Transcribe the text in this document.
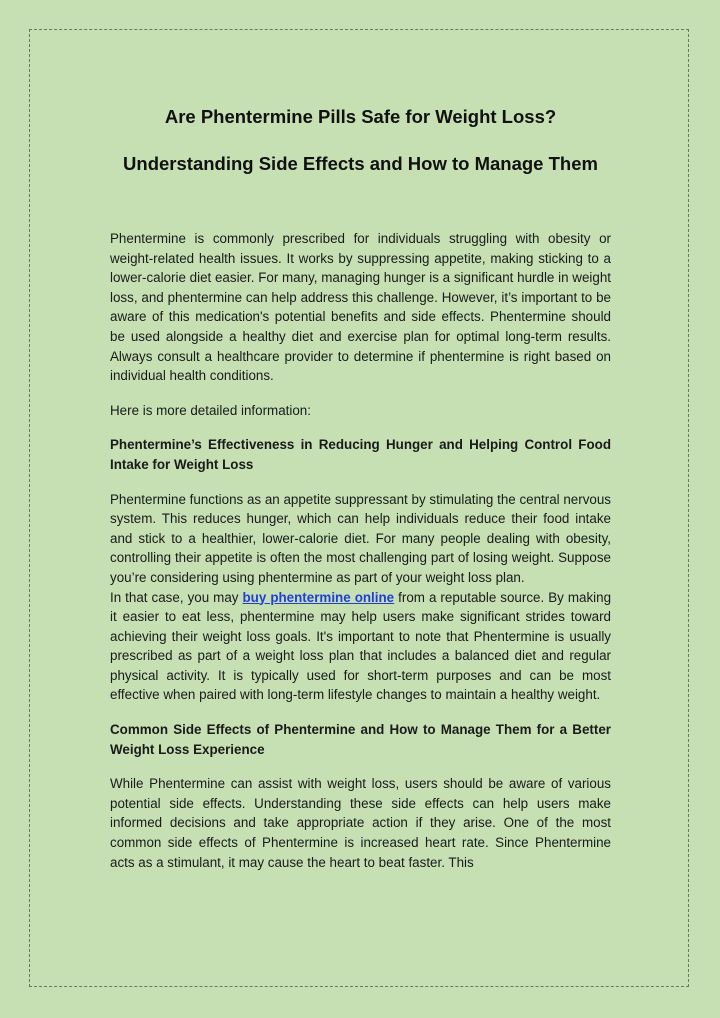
Are Phentermine Pills Safe for Weight Loss?
Understanding Side Effects and How to Manage Them

Phentermine is commonly prescribed for individuals struggling with obesity or weight-related health issues. It works by suppressing appetite, making sticking to a lower-calorie diet easier. For many, managing hunger is a significant hurdle in weight loss, and phentermine can help address this challenge. However, it’s important to be aware of this medication's potential benefits and side effects. Phentermine should be used alongside a healthy diet and exercise plan for optimal long-term results. Always consult a healthcare provider to determine if phentermine is right based on individual health conditions.

Here is more detailed information:

Phentermine’s Effectiveness in Reducing Hunger and Helping Control Food Intake for Weight Loss

Phentermine functions as an appetite suppressant by stimulating the central nervous system. This reduces hunger, which can help individuals reduce their food intake and stick to a healthier, lower-calorie diet. For many people dealing with obesity, controlling their appetite is often the most challenging part of losing weight. Suppose you’re considering using phentermine as part of your weight loss plan.
In that case, you may buy phentermine online from a reputable source. By making it easier to eat less, phentermine may help users make significant strides toward achieving their weight loss goals. It's important to note that Phentermine is usually prescribed as part of a weight loss plan that includes a balanced diet and regular physical activity. It is typically used for short-term purposes and can be most effective when paired with long-term lifestyle changes to maintain a healthy weight.

Common Side Effects of Phentermine and How to Manage Them for a Better Weight Loss Experience

While Phentermine can assist with weight loss, users should be aware of various potential side effects. Understanding these side effects can help users make informed decisions and take appropriate action if they arise. One of the most common side effects of Phentermine is increased heart rate. Since Phentermine acts as a stimulant, it may cause the heart to beat faster. This
